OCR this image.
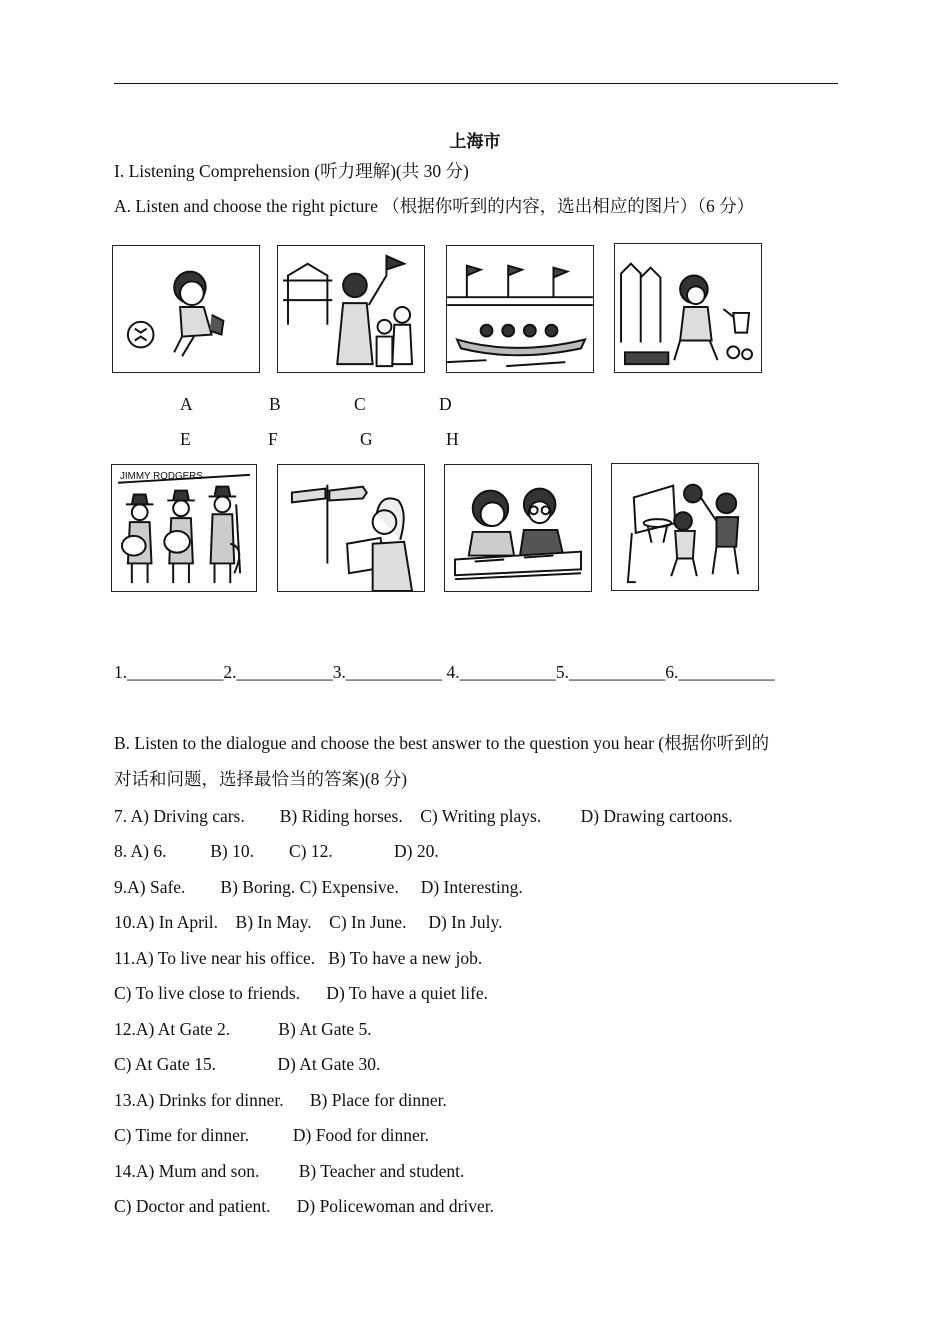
上海市
I. Listening Comprehension (听力理解)(共 30 分)
A. Listen and choose the right picture （根据你听到的内容，选出相应的图片）（6 分）
A	B	C	D
E	F	G	H
JIMMY RODGERS
1.___________2.___________3.___________ 4.___________5.___________6.___________
B. Listen to the dialogue and choose the best answer to the question you hear (根据你听到的
对话和问题，选择最恰当的答案)(8 分)
7. A) Driving cars.        B) Riding horses.    C) Writing plays.         D) Drawing cartoons.
8. A) 6.          B) 10.        C) 12.              D) 20.
9.A) Safe.        B) Boring. C) Expensive.     D) Interesting.
10.A) In April.    B) In May.    C) In June.     D) In July.
11.A) To live near his office.   B) To have a new job.
C) To live close to friends.      D) To have a quiet life.
12.A) At Gate 2.           B) At Gate 5.
C) At Gate 15.              D) At Gate 30.
13.A) Drinks for dinner.      B) Place for dinner.
C) Time for dinner.          D) Food for dinner.
14.A) Mum and son.         B) Teacher and student.
C) Doctor and patient.      D) Policewoman and driver.
